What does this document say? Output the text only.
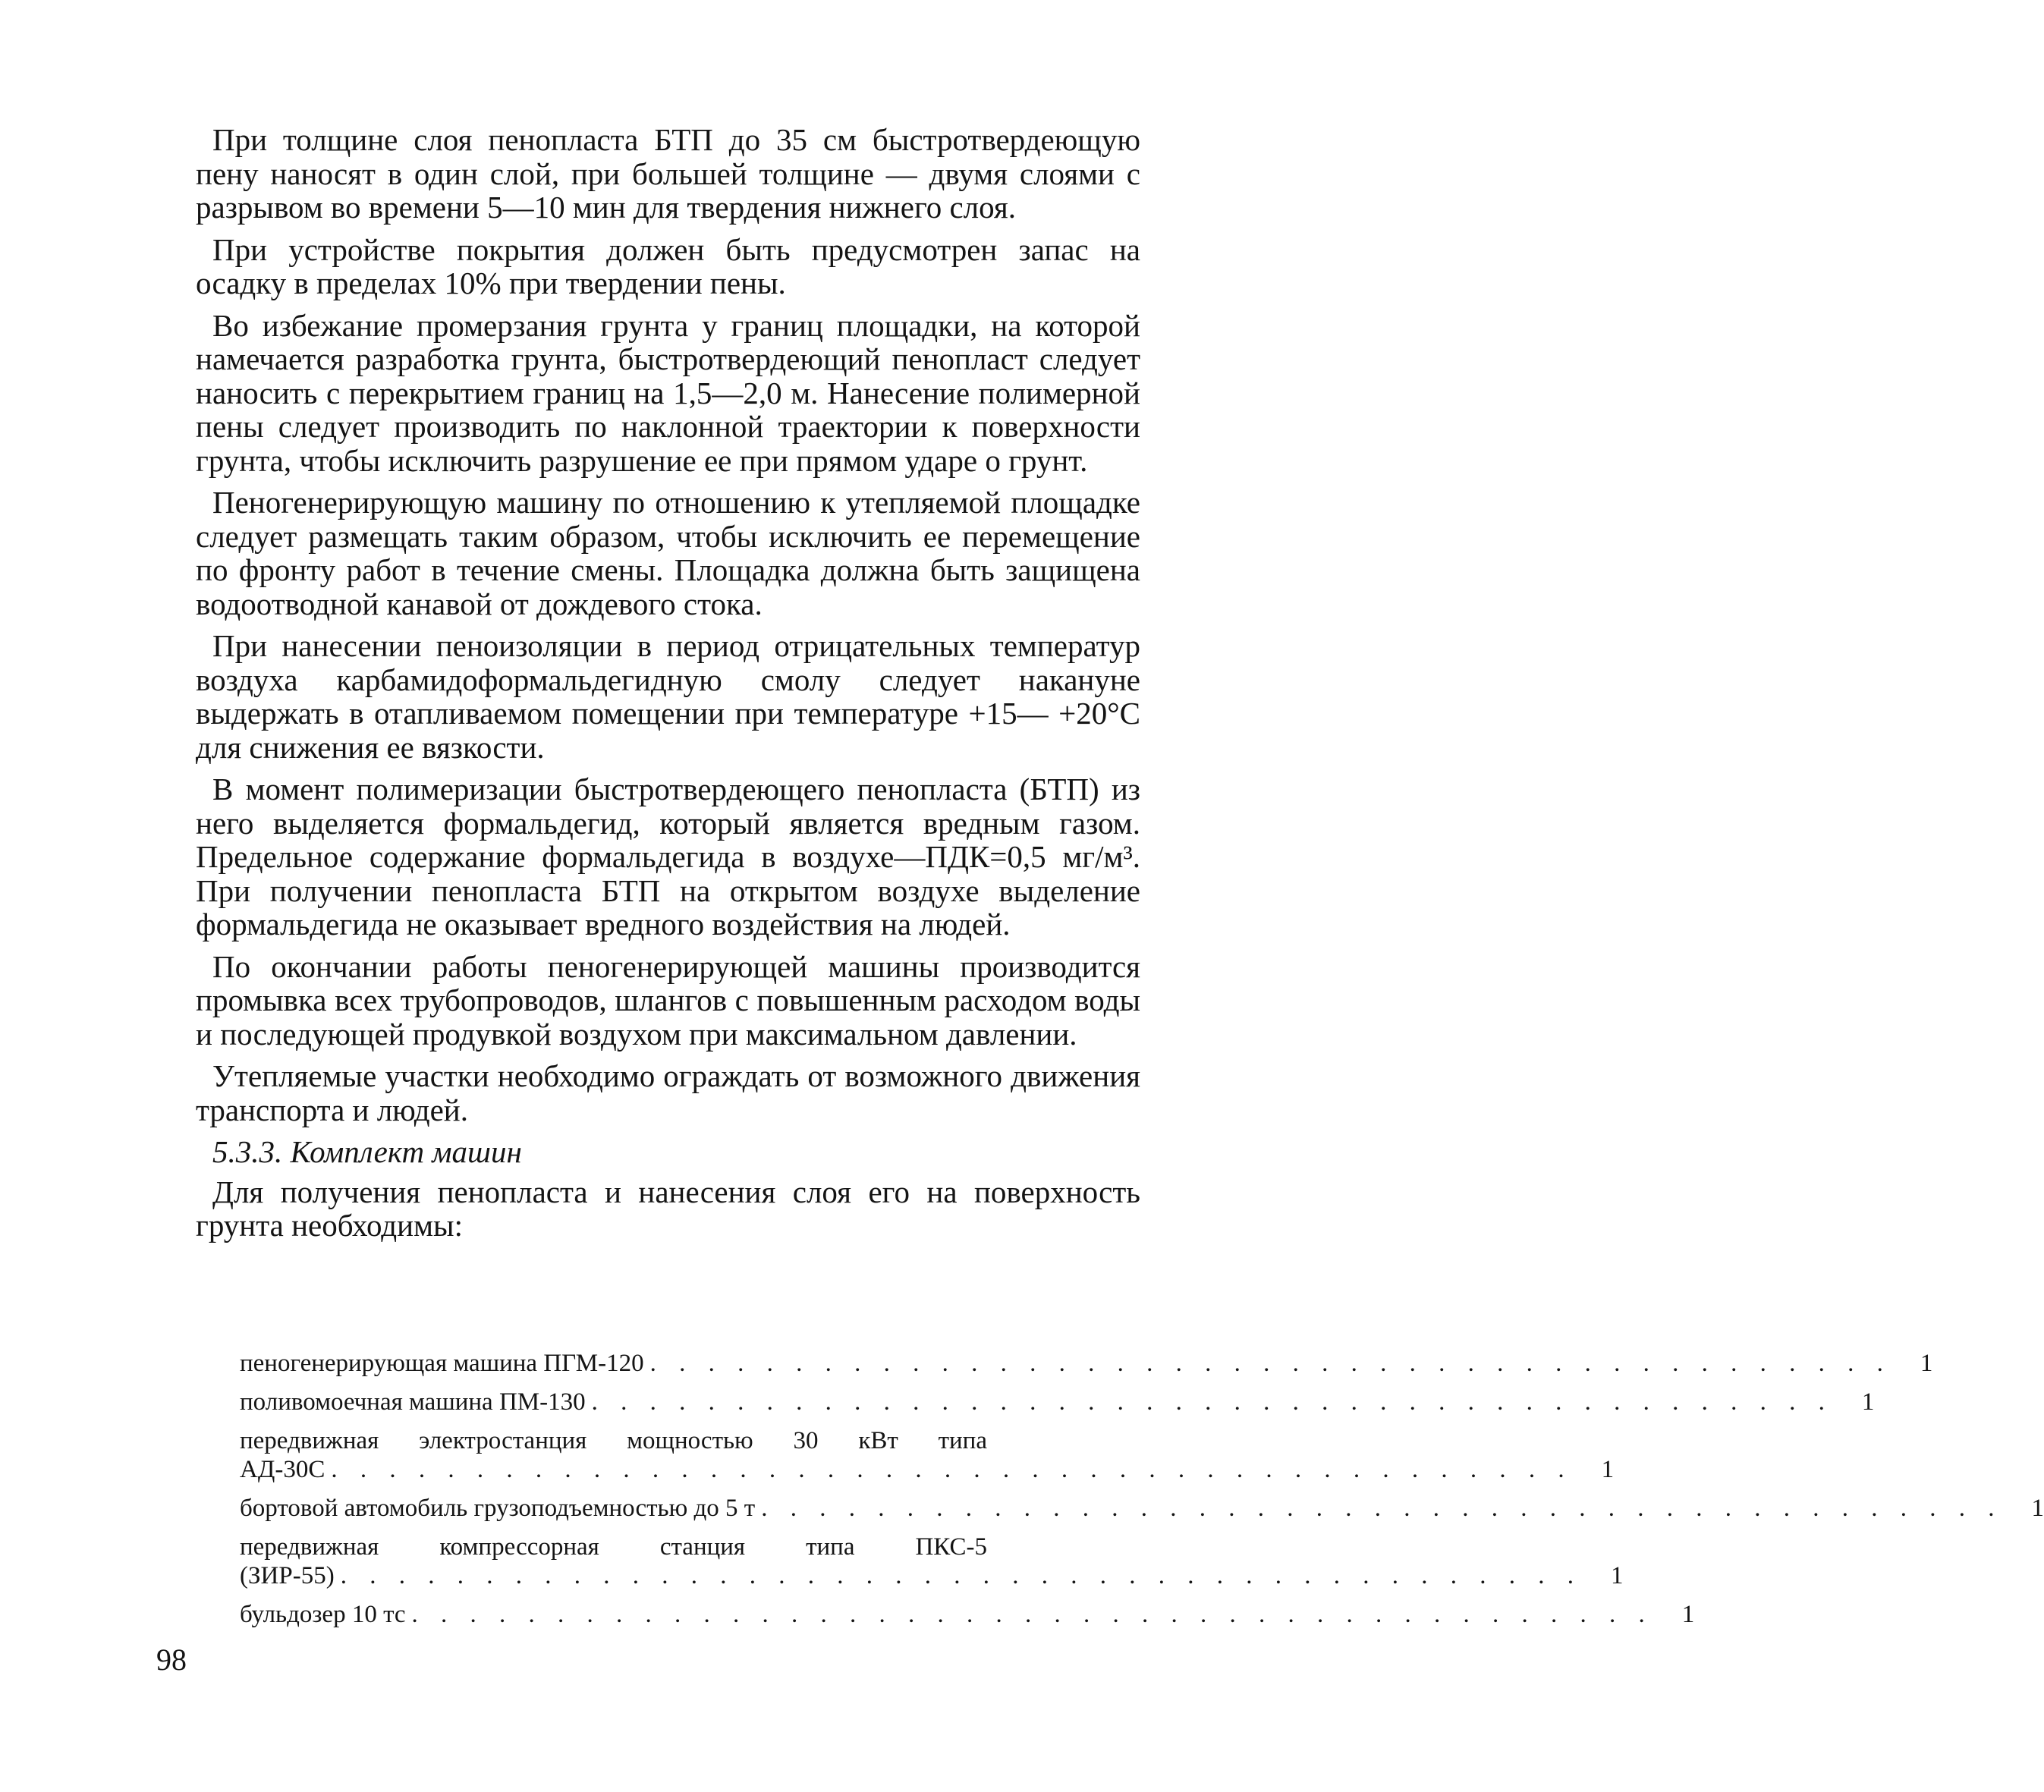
При толщине слоя пенопласта БТП до 35 см быстротвердеющую пену наносят в один слой, при большей толщине — двумя слоями с разрывом во времени 5—10 мин для твердения нижнего слоя.

При устройстве покрытия должен быть предусмотрен запас на осадку в пределах 10% при твердении пены.

Во избежание промерзания грунта у границ площадки, на которой намечается разработка грунта, быстротвердеющий пенопласт следует наносить с перекрытием границ на 1,5—2,0 м. Нанесение полимерной пены следует производить по наклонной траектории к поверхности грунта, чтобы исключить разрушение ее при прямом ударе о грунт.

Пеногенерирующую машину по отношению к утепляемой площадке следует размещать таким образом, чтобы исключить ее перемещение по фронту работ в течение смены. Площадка должна быть защищена водоотводной канавой от дождевого стока.

При нанесении пеноизоляции в период отрицательных температур воздуха карбамидоформальдегидную смолу следует накануне выдержать в отапливаемом помещении при температуре +15— +20°С для снижения ее вязкости.

В момент полимеризации быстротвердеющего пенопласта (БТП) из него выделяется формальдегид, который является вредным газом. Предельное содержание формальдегида в воздухе—ПДК=0,5 мг/м³. При получении пенопласта БТП на открытом воздухе выделение формальдегида не оказывает вредного воздействия на людей.

По окончании работы пеногенерирующей машины производится промывка всех трубопроводов, шлангов с повышенным расходом воды и последующей продувкой воздухом при максимальном давлении.

Утепляемые участки необходимо ограждать от возможного движения транспорта и людей.

5.3.3. Комплект машин

Для получения пенопласта и нанесения слоя его на поверхность грунта необходимы:

пеногенерирующая машина ПГМ-120 . . .	1
поливомоечная машина ПМ-130 . . .	1
передвижная электростанция мощностью 30 кВт типа
АД-30С . . .	1
бортовой автомобиль грузоподъемностью до 5 т . . .	1
передвижная компрессорная станция типа ПКС-5
(ЗИР-55) . . .	1
бульдозер 10 тс . . .	1
98
